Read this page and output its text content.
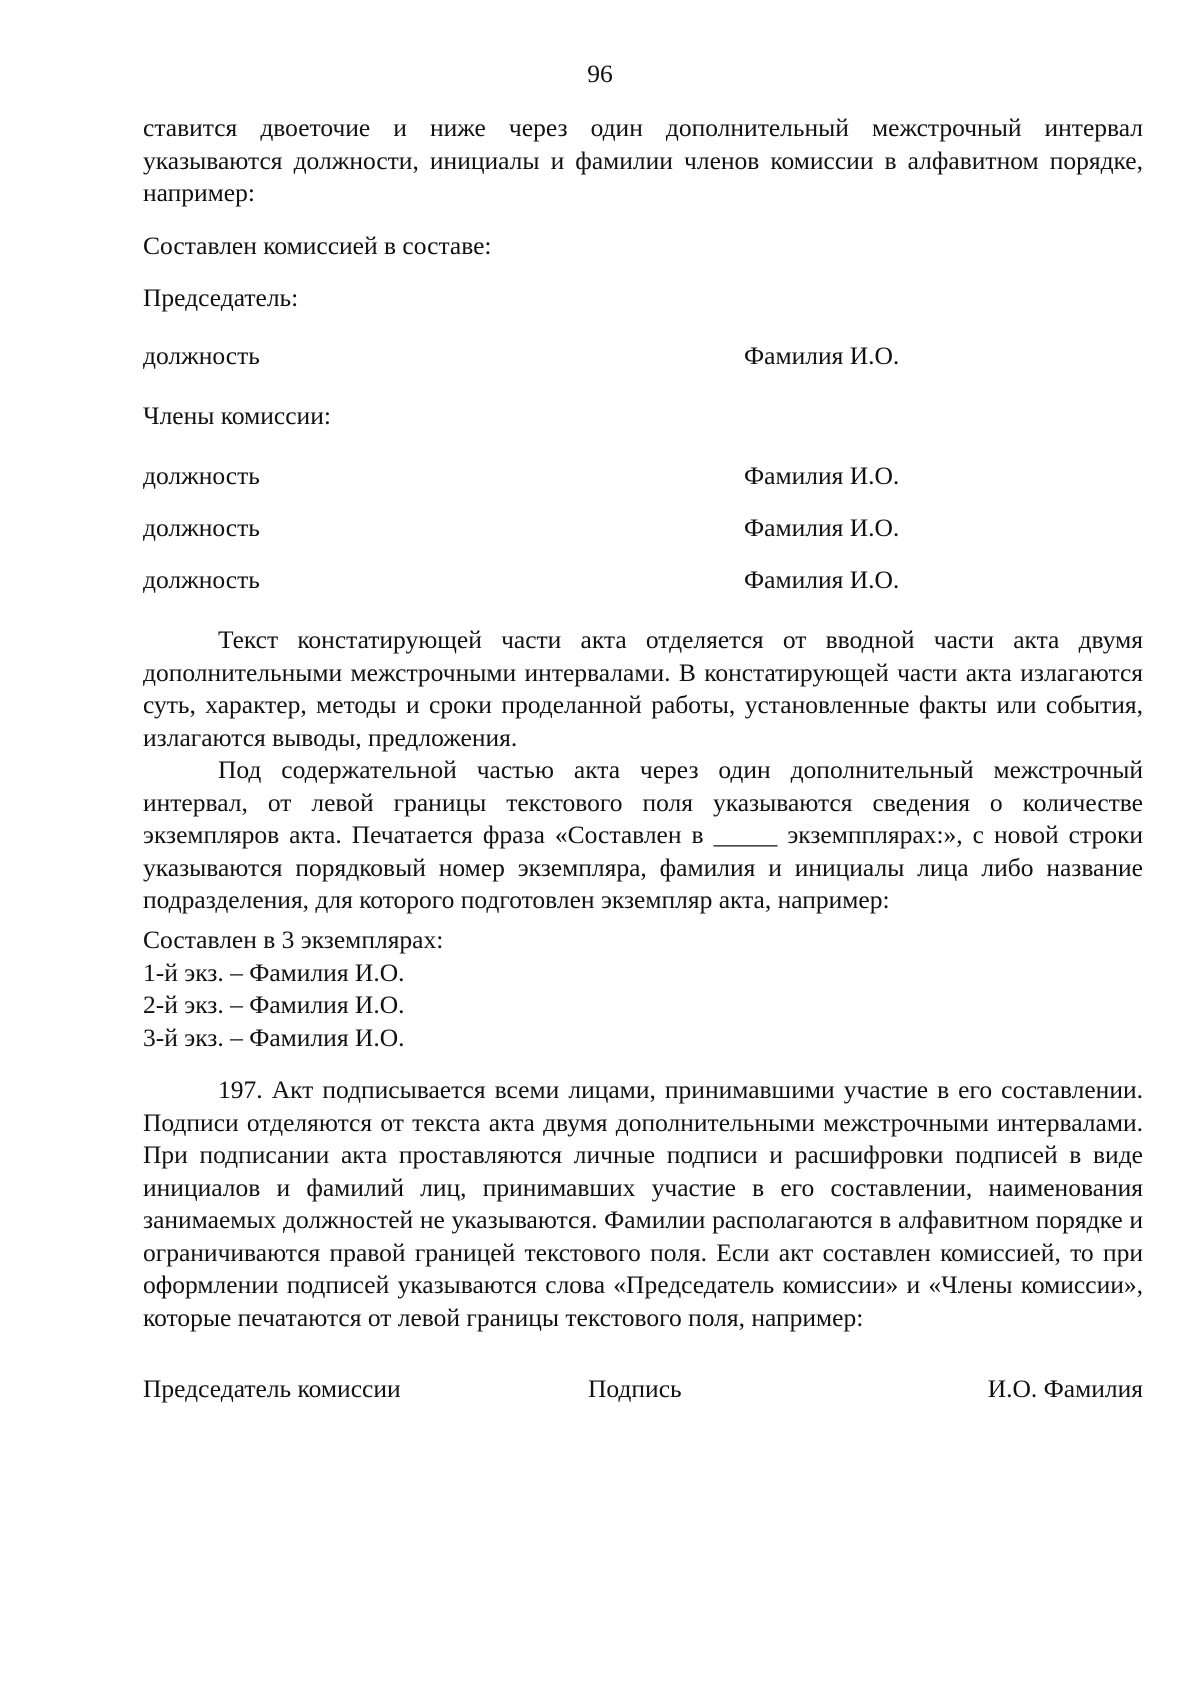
96
ставится двоеточие и ниже через один дополнительный межстрочный интервал указываются должности, инициалы и фамилии членов комиссии в алфавитном порядке, например:
Составлен комиссией в составе:
Председатель:
должность	Фамилия И.О.
Члены комиссии:
должность	Фамилия И.О.
должность	Фамилия И.О.
должность	Фамилия И.О.
Текст констатирующей части акта отделяется от вводной части акта двумя дополнительными межстрочными интервалами. В констатирующей части акта излагаются суть, характер, методы и сроки проделанной работы, установленные факты или события, излагаются выводы, предложения.
Под содержательной частью акта через один дополнительный межстрочный интервал, от левой границы текстового поля указываются сведения о количестве экземпляров акта. Печатается фраза «Составлен в _____ экземпплярах:», с новой строки указываются порядковый номер экземпляра, фамилия и инициалы лица либо название подразделения, для которого подготовлен экземпляр акта, например:
Составлен в 3 экземплярах:
1-й экз. – Фамилия И.О.
2-й экз. – Фамилия И.О.
3-й экз. – Фамилия И.О.
197. Акт подписывается всеми лицами, принимавшими участие в его составлении. Подписи отделяются от текста акта двумя дополнительными межстрочными интервалами. При подписании акта проставляются личные подписи и расшифровки подписей в виде инициалов и фамилий лиц, принимавших участие в его составлении, наименования занимаемых должностей не указываются. Фамилии располагаются в алфавитном порядке и ограничиваются правой границей текстового поля. Если акт составлен комиссией, то при оформлении подписей указываются слова «Председатель комиссии» и «Члены комиссии», которые печатаются от левой границы текстового поля, например:
Председатель комиссии	Подпись	И.О. Фамилия
